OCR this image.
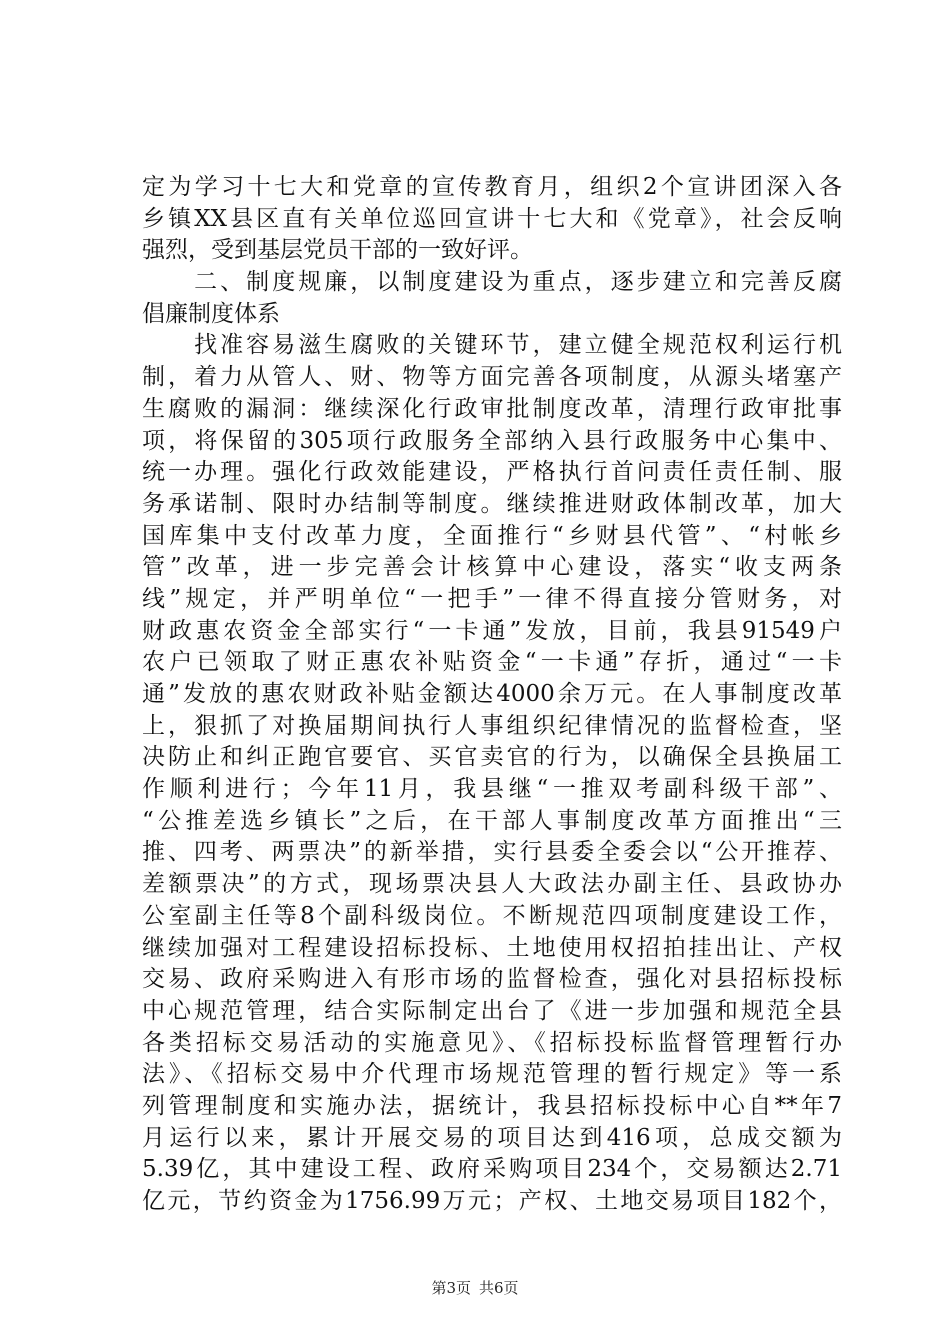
定为学习十七大和党章的宣传教育月，组织2个宣讲团深入各
乡镇XX县区直有关单位巡回宣讲十七大和《党章》，社会反响
强烈，受到基层党员干部的一致好评。
　　二、制度规廉，以制度建设为重点，逐步建立和完善反腐
倡廉制度体系
　　找准容易滋生腐败的关键环节，建立健全规范权利运行机
制，着力从管人、财、物等方面完善各项制度，从源头堵塞产
生腐败的漏洞：继续深化行政审批制度改革，清理行政审批事
项，将保留的305项行政服务全部纳入县行政服务中心集中、
统一办理。强化行政效能建设，严格执行首问责任责任制、服
务承诺制、限时办结制等制度。继续推进财政体制改革，加大
国库集中支付改革力度，全面推行“乡财县代管”、“村帐乡
管”改革，进一步完善会计核算中心建设，落实“收支两条
线”规定，并严明单位“一把手”一律不得直接分管财务，对
财政惠农资金全部实行“一卡通”发放，目前，我县91549户
农户已领取了财正惠农补贴资金“一卡通”存折，通过“一卡
通”发放的惠农财政补贴金额达4000余万元。在人事制度改革
上，狠抓了对换届期间执行人事组织纪律情况的监督检查，坚
决防止和纠正跑官要官、买官卖官的行为，以确保全县换届工
作顺利进行；今年11月，我县继“一推双考副科级干部”、
“公推差选乡镇长”之后，在干部人事制度改革方面推出“三
推、四考、两票决”的新举措，实行县委全委会以“公开推荐、
差额票决”的方式，现场票决县人大政法办副主任、县政协办
公室副主任等8个副科级岗位。不断规范四项制度建设工作，
继续加强对工程建设招标投标、土地使用权招拍挂出让、产权
交易、政府采购进入有形市场的监督检查，强化对县招标投标
中心规范管理，结合实际制定出台了《进一步加强和规范全县
各类招标交易活动的实施意见》、《招标投标监督管理暂行办
法》、《招标交易中介代理市场规范管理的暂行规定》等一系
列管理制度和实施办法，据统计，我县招标投标中心自**年7
月运行以来，累计开展交易的项目达到416项，总成交额为
5.39亿，其中建设工程、政府采购项目234个，交易额达2.71
亿元，节约资金为1756.99万元；产权、土地交易项目182个，
第3页 共6页
